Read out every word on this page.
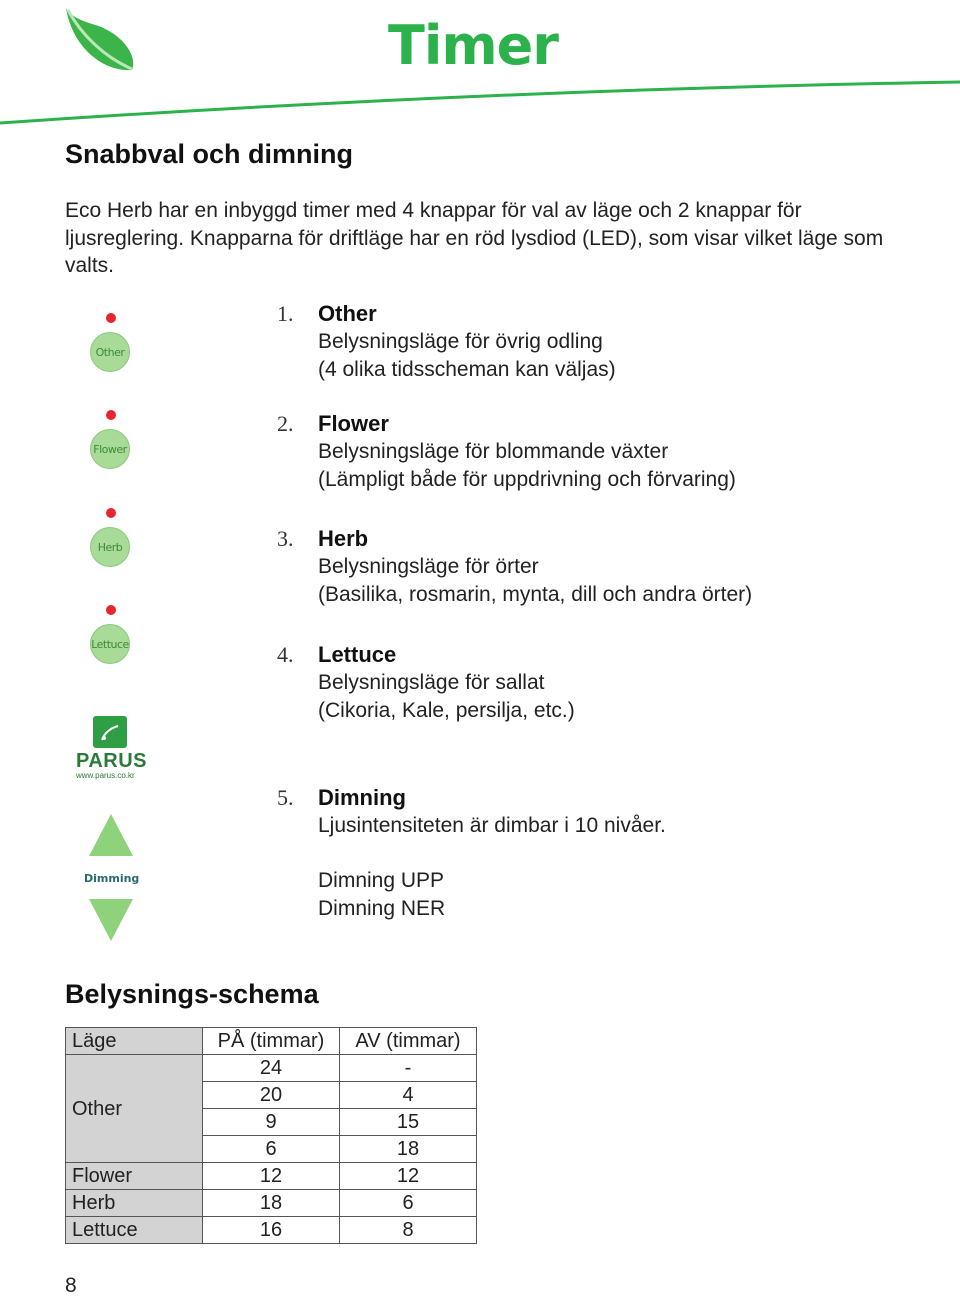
Timer
Snabbval och dimning
Eco Herb har en inbyggd timer med 4 knappar för val av läge och 2 knappar för ljusreglering. Knapparna för driftläge har en röd lysdiod (LED), som visar vilket läge som valts.
Other
Flower
Herb
Lettuce
PARUS
www.parus.co.kr
Dimming
1. Other
Belysningsläge för övrig odling
(4 olika tidsscheman kan väljas)
2. Flower
Belysningsläge för blommande växter
(Lämpligt både för uppdrivning och förvaring)
3. Herb
Belysningsläge för örter
(Basilika, rosmarin, mynta, dill och andra örter)
4. Lettuce
Belysningsläge för sallat
(Cikoria, Kale, persilja, etc.)
5. Dimning
Ljusintensiteten är dimbar i 10 nivåer.
Dimning UPP
Dimning NER
Belysnings-schema
Läge	PÅ (timmar)	AV (timmar)
Other	24	-
	20	4
	9	15
	6	18
Flower	12	12
Herb	18	6
Lettuce	16	8
8
